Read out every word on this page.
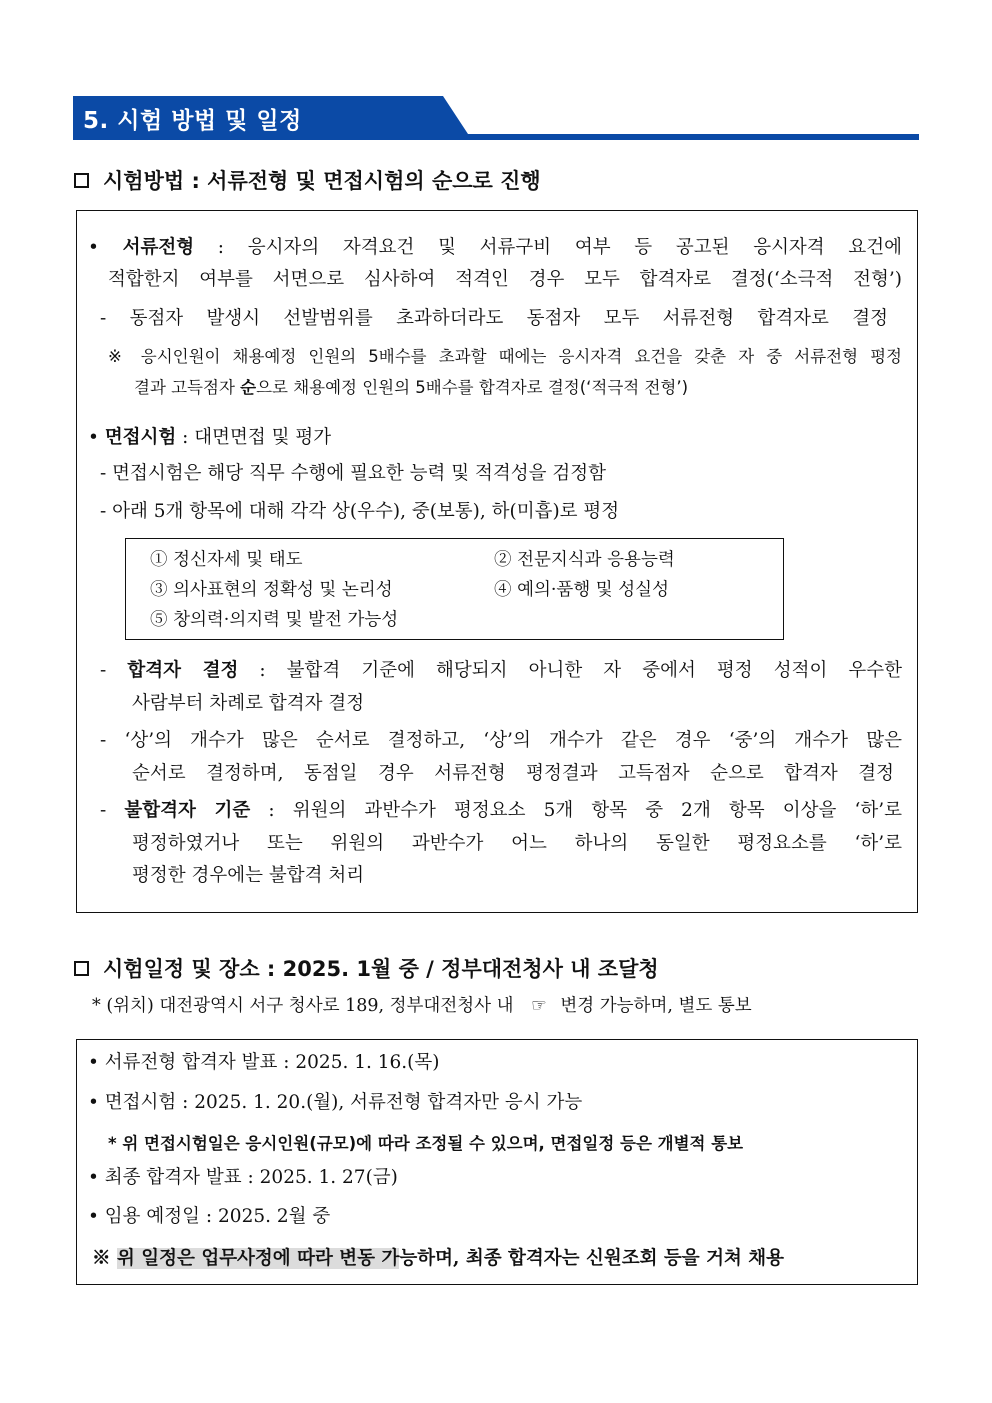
5. 시험 방법 및 일정
시험방법 : 서류전형 및 면접시험의 순으로 진행
• 서류전형 : 응시자의 자격요건 및 서류구비 여부 등 공고된 응시자격 요건에
적합한지 여부를 서면으로 심사하여 적격인 경우 모두 합격자로 결정(‘소극적 전형’)
- 동점자 발생시 선발범위를 초과하더라도 동점자 모두 서류전형 합격자로 결정
※ 응시인원이 채용예정 인원의 5배수를 초과할 때에는 응시자격 요건을 갖춘 자 중 서류전형 평정
결과 고득점자 순으로 채용예정 인원의 5배수를 합격자로 결정(‘적극적 전형’)
• 면접시험 : 대면면접 및 평가
- 면접시험은 해당 직무 수행에 필요한 능력 및 적격성을 검정함
- 아래 5개 항목에 대해 각각 상(우수), 중(보통), 하(미흡)로 평정
① 정신자세 및 태도	② 전문지식과 응용능력
③ 의사표현의 정확성 및 논리성	④ 예의·품행 및 성실성
⑤ 창의력·의지력 및 발전 가능성
- 합격자 결정 : 불합격 기준에 해당되지 아니한 자 중에서 평정 성적이 우수한
사람부터 차례로 합격자 결정
- ‘상’의 개수가 많은 순서로 결정하고, ‘상’의 개수가 같은 경우 ‘중’의 개수가 많은
순서로 결정하며, 동점일 경우 서류전형 평정결과 고득점자 순으로 합격자 결정
- 불합격자 기준 : 위원의 과반수가 평정요소 5개 항목 중 2개 항목 이상을 ‘하’로
평정하였거나 또는 위원의 과반수가 어느 하나의 동일한 평정요소를 ‘하’로
평정한 경우에는 불합격 처리
시험일정 및 장소 : 2025. 1월 중 / 정부대전청사 내 조달청
* (위치) 대전광역시 서구 청사로 189, 정부대전청사 내 ☞ 변경 가능하며, 별도 통보
• 서류전형 합격자 발표 : 2025. 1. 16.(목)
• 면접시험 : 2025. 1. 20.(월), 서류전형 합격자만 응시 가능
* 위 면접시험일은 응시인원(규모)에 따라 조정될 수 있으며, 면접일정 등은 개별적 통보
• 최종 합격자 발표 : 2025. 1. 27(금)
• 임용 예정일 : 2025. 2월 중
※ 위 일정은 업무사정에 따라 변동 가능하며, 최종 합격자는 신원조회 등을 거쳐 채용
